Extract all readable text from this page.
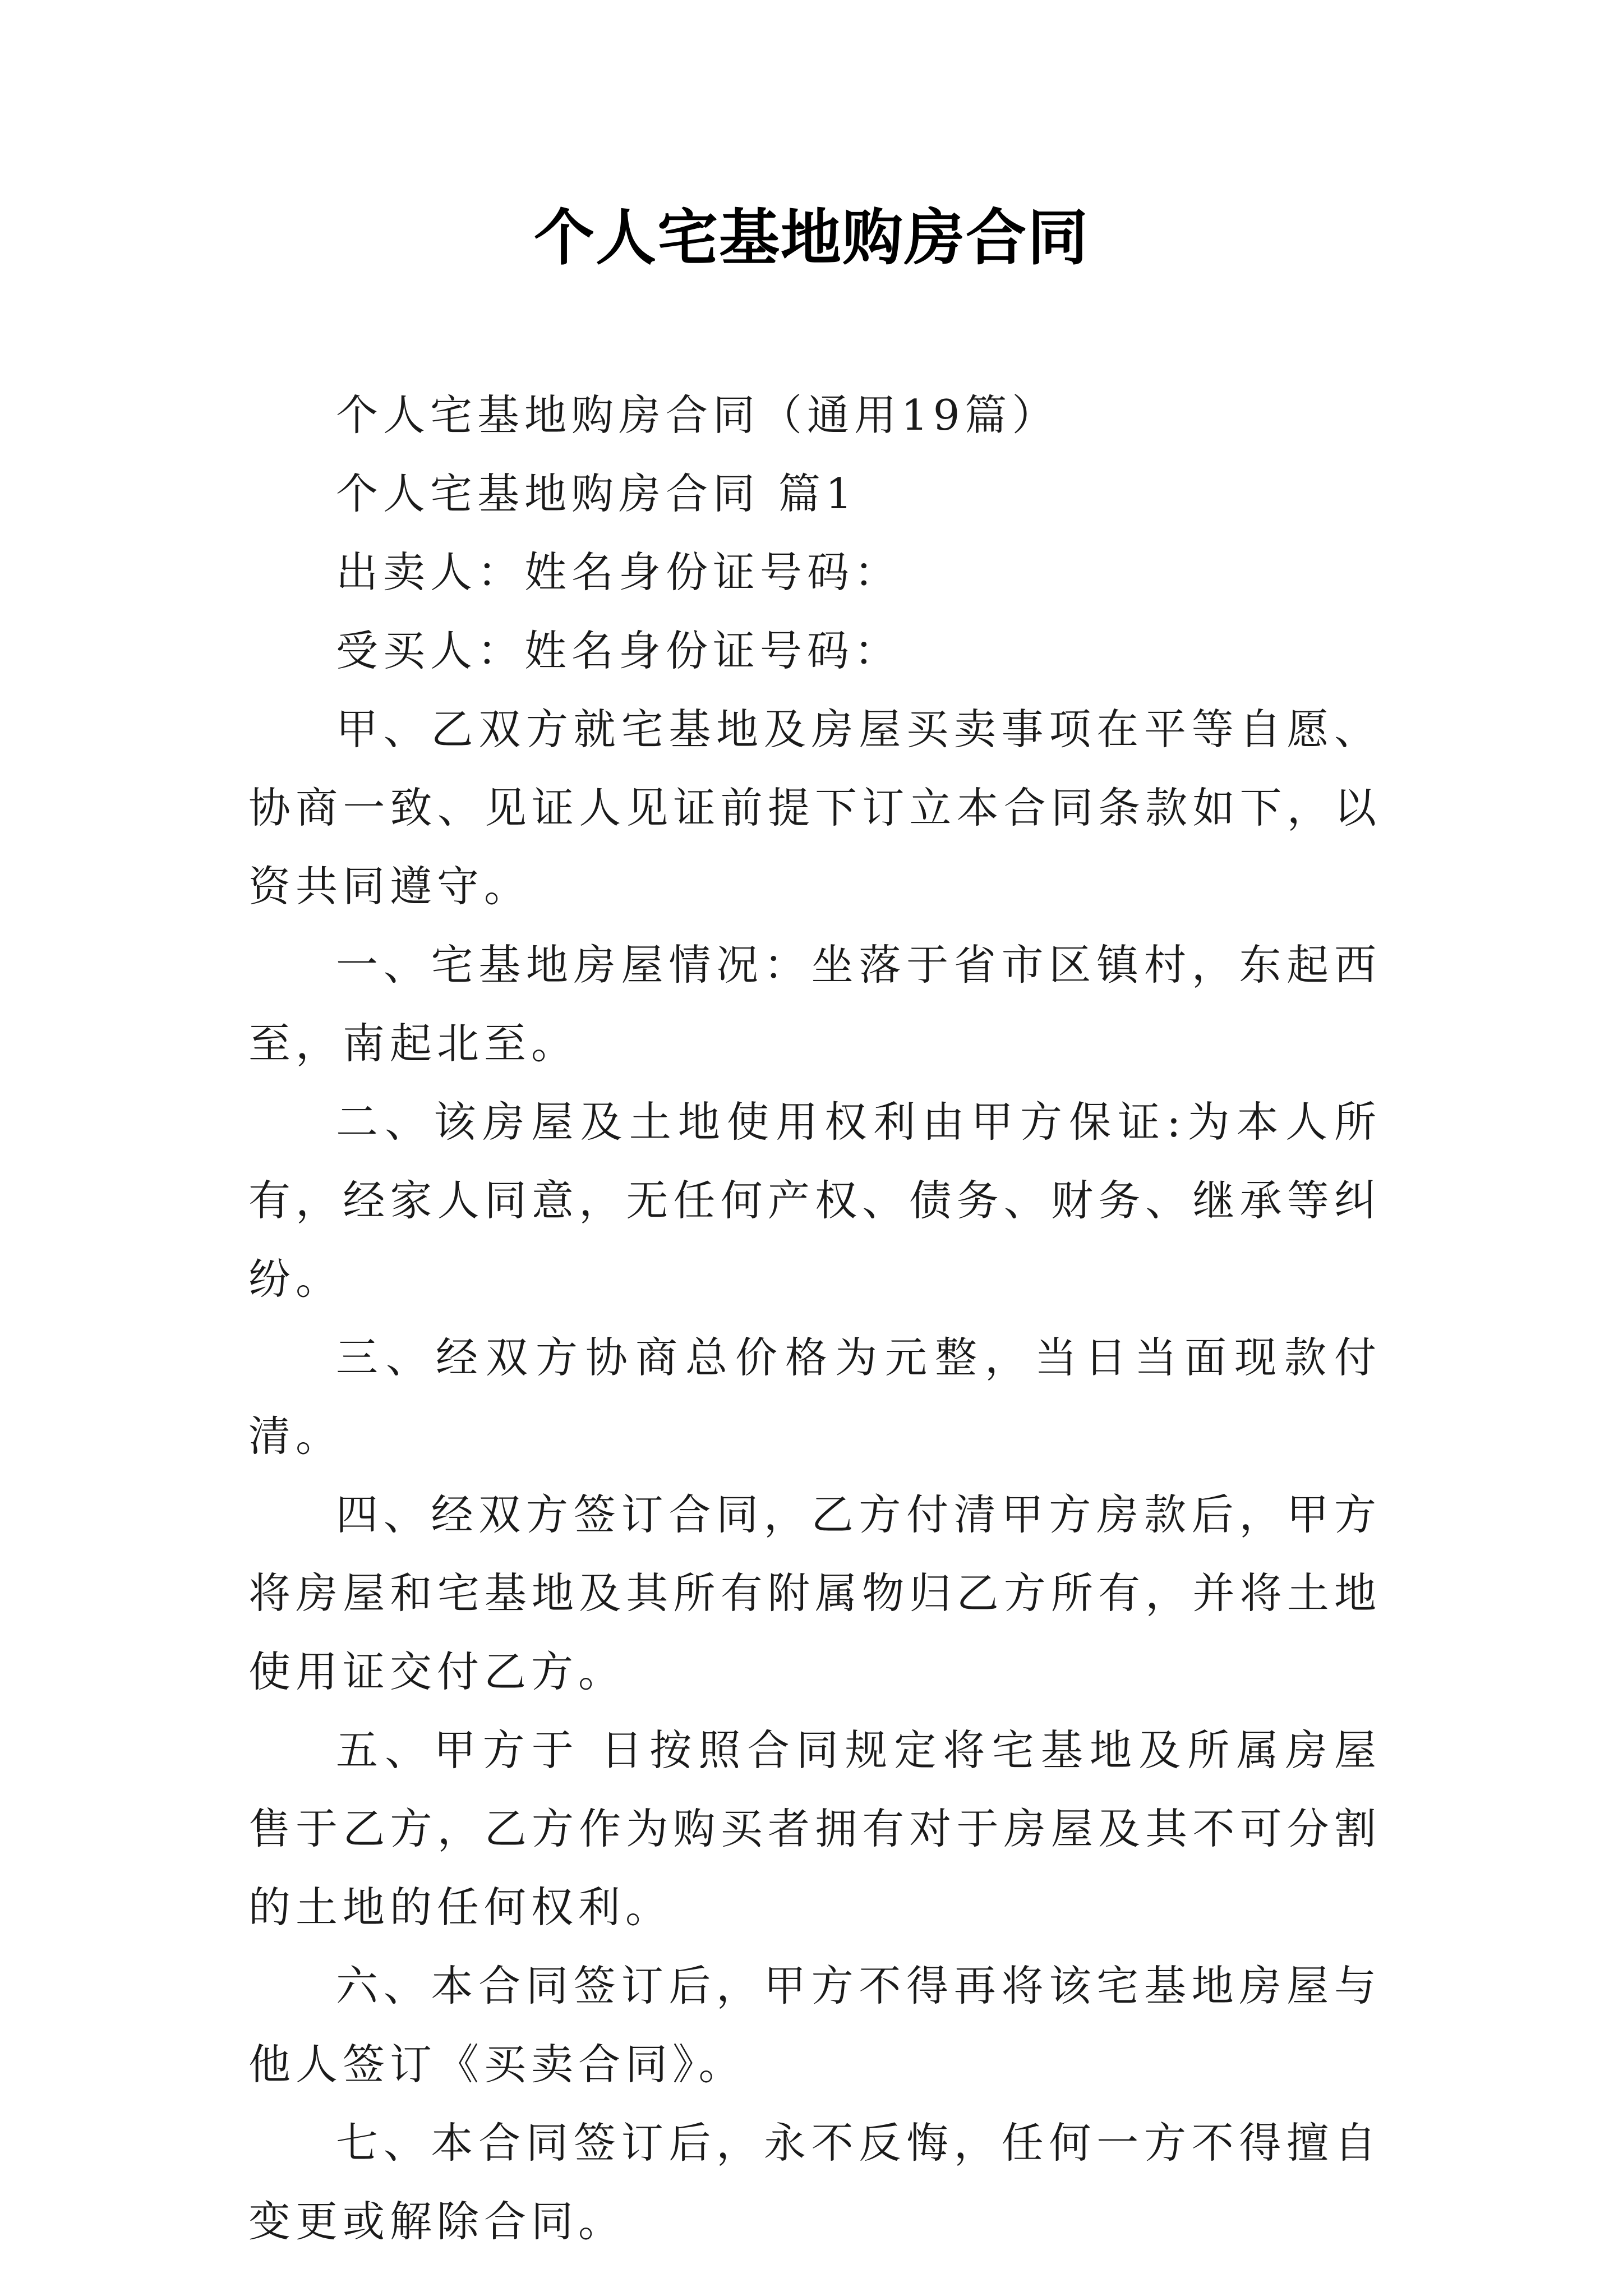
个人宅基地购房合同

个人宅基地购房合同（通用19篇）

个人宅基地购房合同 篇1

出卖人：姓名身份证号码：

受买人：姓名身份证号码：

甲、乙双方就宅基地及房屋买卖事项在平等自愿、协商一致、见证人见证前提下订立本合同条款如下，以资共同遵守。

一、宅基地房屋情况：坐落于省市区镇村，东起西至，南起北至。

二、该房屋及土地使用权利由甲方保证:为本人所有，经家人同意，无任何产权、债务、财务、继承等纠纷。

三、经双方协商总价格为元整，当日当面现款付清。

四、经双方签订合同，乙方付清甲方房款后，甲方将房屋和宅基地及其所有附属物归乙方所有，并将土地使用证交付乙方。

五、甲方于 日按照合同规定将宅基地及所属房屋售于乙方，乙方作为购买者拥有对于房屋及其不可分割的土地的任何权利。

六、本合同签订后，甲方不得再将该宅基地房屋与他人签订《买卖合同》。

七、本合同签订后，永不反悔，任何一方不得擅自变更或解除合同。
